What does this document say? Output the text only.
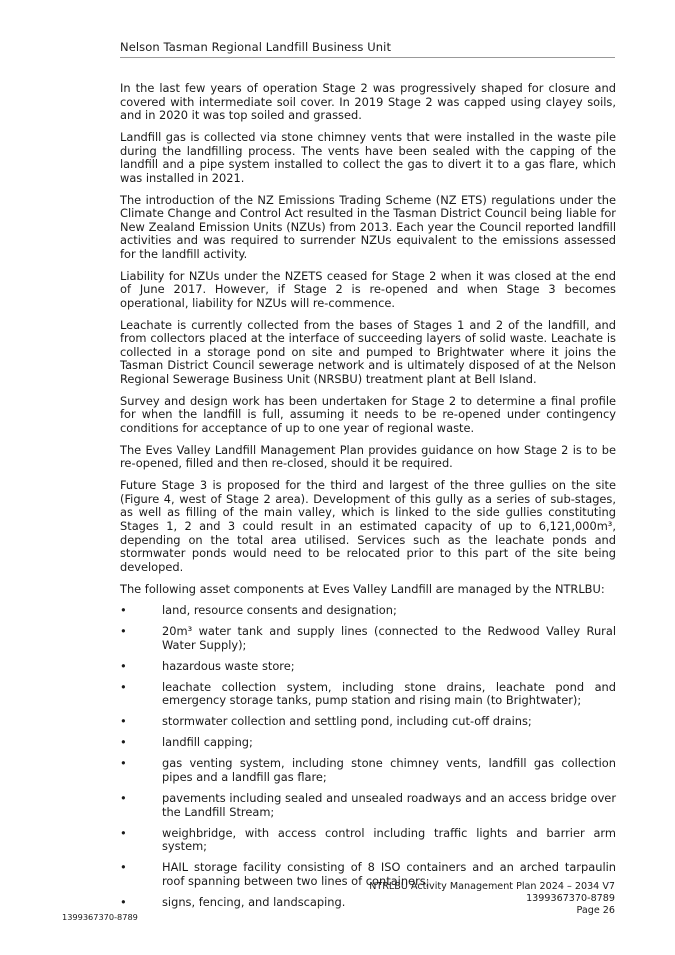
Nelson Tasman Regional Landfill Business Unit

In the last few years of operation Stage 2 was progressively shaped for closure and covered with intermediate soil cover. In 2019 Stage 2 was capped using clayey soils, and in 2020 it was top soiled and grassed.

Landfill gas is collected via stone chimney vents that were installed in the waste pile during the landfilling process. The vents have been sealed with the capping of the landfill and a pipe system installed to collect the gas to divert it to a gas flare, which was installed in 2021.

The introduction of the NZ Emissions Trading Scheme (NZ ETS) regulations under the Climate Change and Control Act resulted in the Tasman District Council being liable for New Zealand Emission Units (NZUs) from 2013. Each year the Council reported landfill activities and was required to surrender NZUs equivalent to the emissions assessed for the landfill activity.

Liability for NZUs under the NZETS ceased for Stage 2 when it was closed at the end of June 2017. However, if Stage 2 is re-opened and when Stage 3 becomes operational, liability for NZUs will re-commence.

Leachate is currently collected from the bases of Stages 1 and 2 of the landfill, and from collectors placed at the interface of succeeding layers of solid waste. Leachate is collected in a storage pond on site and pumped to Brightwater where it joins the Tasman District Council sewerage network and is ultimately disposed of at the Nelson Regional Sewerage Business Unit (NRSBU) treatment plant at Bell Island.

Survey and design work has been undertaken for Stage 2 to determine a final profile for when the landfill is full, assuming it needs to be re-opened under contingency conditions for acceptance of up to one year of regional waste.

The Eves Valley Landfill Management Plan provides guidance on how Stage 2 is to be re-opened, filled and then re-closed, should it be required.

Future Stage 3 is proposed for the third and largest of the three gullies on the site (Figure 4, west of Stage 2 area). Development of this gully as a series of sub-stages, as well as filling of the main valley, which is linked to the side gullies constituting Stages 1, 2 and 3 could result in an estimated capacity of up to 6,121,000m³, depending on the total area utilised. Services such as the leachate ponds and stormwater ponds would need to be relocated prior to this part of the site being developed.

The following asset components at Eves Valley Landfill are managed by the NTRLBU:

•	land, resource consents and designation;
•	20m³ water tank and supply lines (connected to the Redwood Valley Rural Water Supply);
•	hazardous waste store;
•	leachate collection system, including stone drains, leachate pond and emergency storage tanks, pump station and rising main (to Brightwater);
•	stormwater collection and settling pond, including cut-off drains;
•	landfill capping;
•	gas venting system, including stone chimney vents, landfill gas collection pipes and a landfill gas flare;
•	pavements including sealed and unsealed roadways and an access bridge over the Landfill Stream;
•	weighbridge, with access control including traffic lights and barrier arm system;
•	HAIL storage facility consisting of 8 ISO containers and an arched tarpaulin roof spanning between two lines of containers;
•	signs, fencing, and landscaping.
NTRLBU Activity Management Plan 2024 – 2034 V7
1399367370-8789
Page 26
1399367370-8789
